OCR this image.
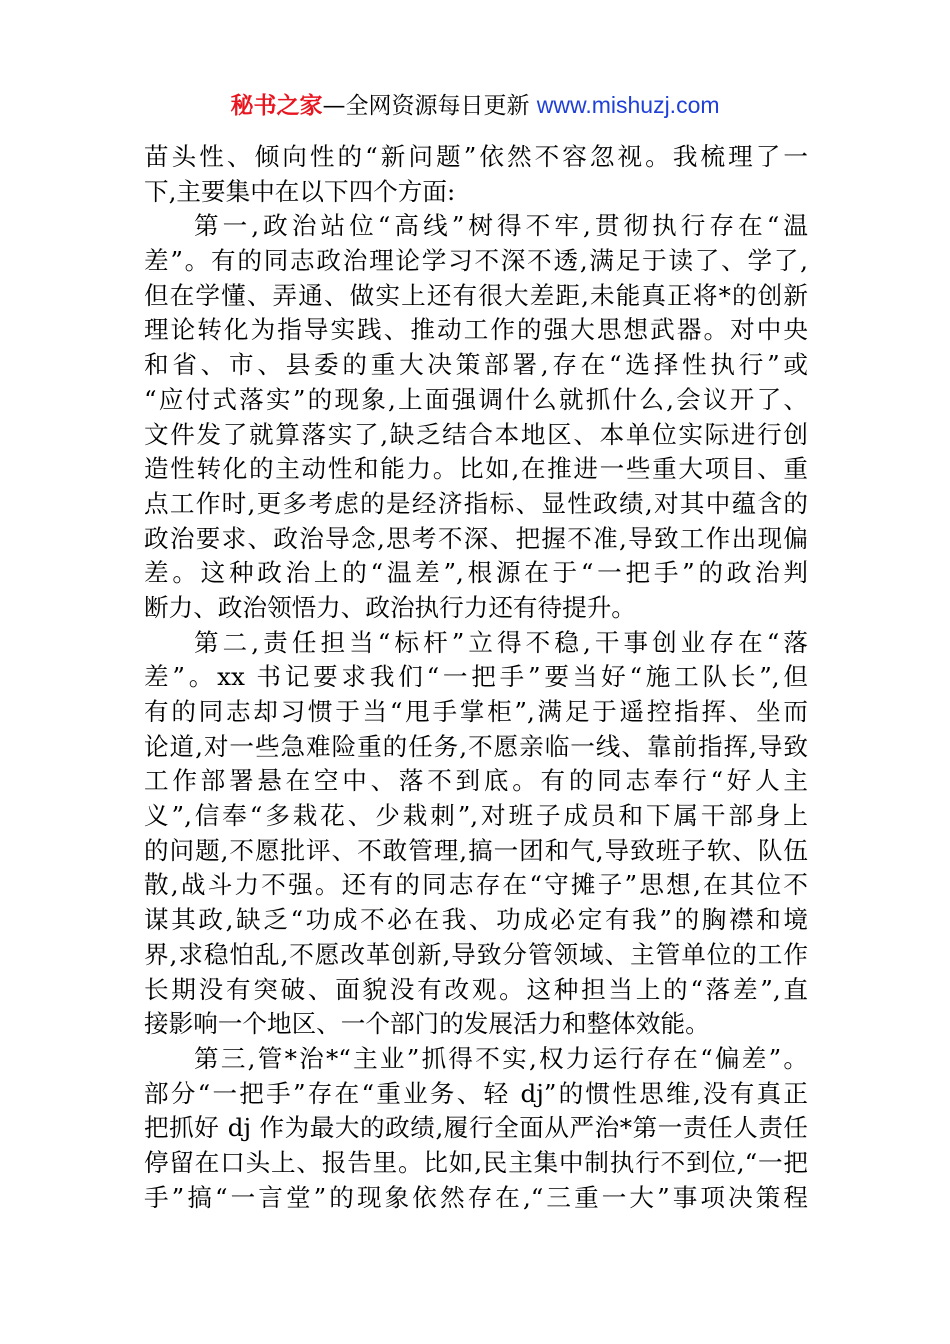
秘书之家—全网资源每日更新 www.mishuzj.com
苗头性、倾向性的“新问题”依然不容忽视。我梳理了一
下,主要集中在以下四个方面:
第一,政治站位“高线”树得不牢,贯彻执行存在“温
差”。有的同志政治理论学习不深不透,满足于读了、学了,
但在学懂、弄通、做实上还有很大差距,未能真正将*的创新
理论转化为指导实践、推动工作的强大思想武器。对中央
和省、市、县委的重大决策部署,存在“选择性执行”或
“应付式落实”的现象,上面强调什么就抓什么,会议开了、
文件发了就算落实了,缺乏结合本地区、本单位实际进行创
造性转化的主动性和能力。比如,在推进一些重大项目、重
点工作时,更多考虑的是经济指标、显性政绩,对其中蕴含的
政治要求、政治导念,思考不深、把握不准,导致工作出现偏
差。这种政治上的“温差”,根源在于“一把手”的政治判
断力、政治领悟力、政治执行力还有待提升。
第二,责任担当“标杆”立得不稳,干事创业存在“落
差”。xx 书记要求我们“一把手”要当好“施工队长”,但
有的同志却习惯于当“甩手掌柜”,满足于遥控指挥、坐而
论道,对一些急难险重的任务,不愿亲临一线、靠前指挥,导致
工作部署悬在空中、落不到底。有的同志奉行“好人主
义”,信奉“多栽花、少栽刺”,对班子成员和下属干部身上
的问题,不愿批评、不敢管理,搞一团和气,导致班子软、队伍
散,战斗力不强。还有的同志存在“守摊子”思想,在其位不
谋其政,缺乏“功成不必在我、功成必定有我”的胸襟和境
界,求稳怕乱,不愿改革创新,导致分管领域、主管单位的工作
长期没有突破、面貌没有改观。这种担当上的“落差”,直
接影响一个地区、一个部门的发展活力和整体效能。
第三,管*治*“主业”抓得不实,权力运行存在“偏差”。
部分“一把手”存在“重业务、轻 dj”的惯性思维,没有真正
把抓好 dj 作为最大的政绩,履行全面从严治*第一责任人责任
停留在口头上、报告里。比如,民主集中制执行不到位,“一把
手”搞“一言堂”的现象依然存在,“三重一大”事项决策程
